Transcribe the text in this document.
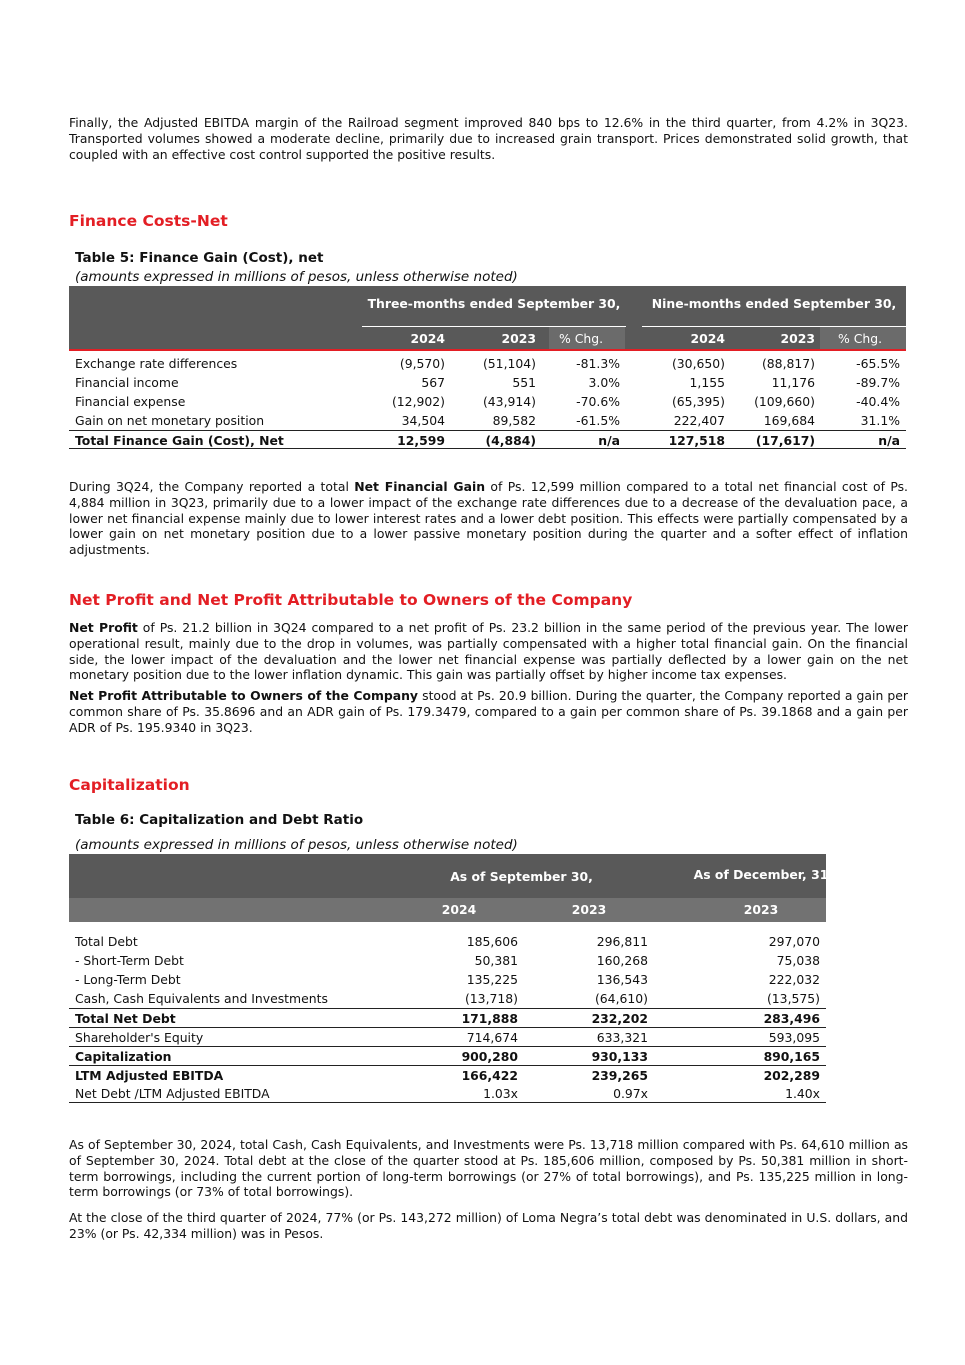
Finally, the Adjusted EBITDA margin of the Railroad segment improved 840 bps to 12.6% in the third quarter, from 4.2% in 3Q23. Transported volumes showed a moderate decline, primarily due to increased grain transport. Prices demonstrated solid growth, that coupled with an effective cost control supported the positive results.

Finance Costs-Net

Table 5: Finance Gain (Cost), net

(amounts expressed in millions of pesos, unless otherwise noted)

Three-months ended September 30,	Nine-months ended September 30,
2024	2023 % Chg.	2024	2023 % Chg.
Exchange rate differences	(9,570)	(51,104)	-81.3%	(30,650)	(88,817)	-65.5%
Financial income	567	551	3.0%	1,155	11,176	-89.7%
Financial expense	(12,902)	(43,914)	-70.6%	(65,395) (109,660)	-40.4%
Gain on net monetary position	34,504	89,582	-61.5%	222,407	169,684	31.1%
Total Finance Gain (Cost), Net	12,599	(4,884)	n/a	127,518 (17,617)	n/a

During 3Q24, the Company reported a total Net Financial Gain of Ps. 12,599 million compared to a total net financial cost of Ps. 4,884 million in 3Q23, primarily due to a lower impact of the exchange rate differences due to a decrease of the devaluation pace, a lower net financial expense mainly due to lower interest rates and a lower debt position. This effects were partially compensated by a lower gain on net monetary position due to a lower passive monetary position during the quarter and a softer effect of inflation adjustments.

Net Profit and Net Profit Attributable to Owners of the Company

Net Profit of Ps. 21.2 billion in 3Q24 compared to a net profit of Ps. 23.2 billion in the same period of the previous year. The lower operational result, mainly due to the drop in volumes, was partially compensated with a higher total financial gain. On the financial side, the lower impact of the devaluation and the lower net financial expense was partially deflected by a lower gain on the net monetary position due to the lower inflation dynamic. This gain was partially offset by higher income tax expenses.

Net Profit Attributable to Owners of the Company stood at Ps. 20.9 billion. During the quarter, the Company reported a gain per common share of Ps. 35.8696 and an ADR gain of Ps. 179.3479, compared to a gain per common share of Ps. 39.1868 and a gain per ADR of Ps. 195.9340 in 3Q23.

Capitalization

Table 6: Capitalization and Debt Ratio

(amounts expressed in millions of pesos, unless otherwise noted)

As of September 30,	As of December, 31
2024	2023	2023
Total Debt	185,606	296,811	297,070
- Short-Term Debt	50,381	160,268	75,038
- Long-Term Debt	135,225	136,543	222,032
Cash, Cash Equivalents and Investments	(13,718)	(64,610)	(13,575)
Total Net Debt	171,888	232,202	283,496
Shareholder's Equity	714,674	633,321	593,095
Capitalization	900,280	930,133	890,165
LTM Adjusted EBITDA	166,422	239,265	202,289
Net Debt /LTM Adjusted EBITDA	1.03x	0.97x	1.40x

As of September 30, 2024, total Cash, Cash Equivalents, and Investments were Ps. 13,718 million compared with Ps. 64,610 million as of September 30, 2024. Total debt at the close of the quarter stood at Ps. 185,606 million, composed by Ps. 50,381 million in short-term borrowings, including the current portion of long-term borrowings (or 27% of total borrowings), and Ps. 135,225 million in long-term borrowings (or 73% of total borrowings).

At the close of the third quarter of 2024, 77% (or Ps. 143,272 million) of Loma Negra’s total debt was denominated in U.S. dollars, and 23% (or Ps. 42,334 million) was in Pesos.
